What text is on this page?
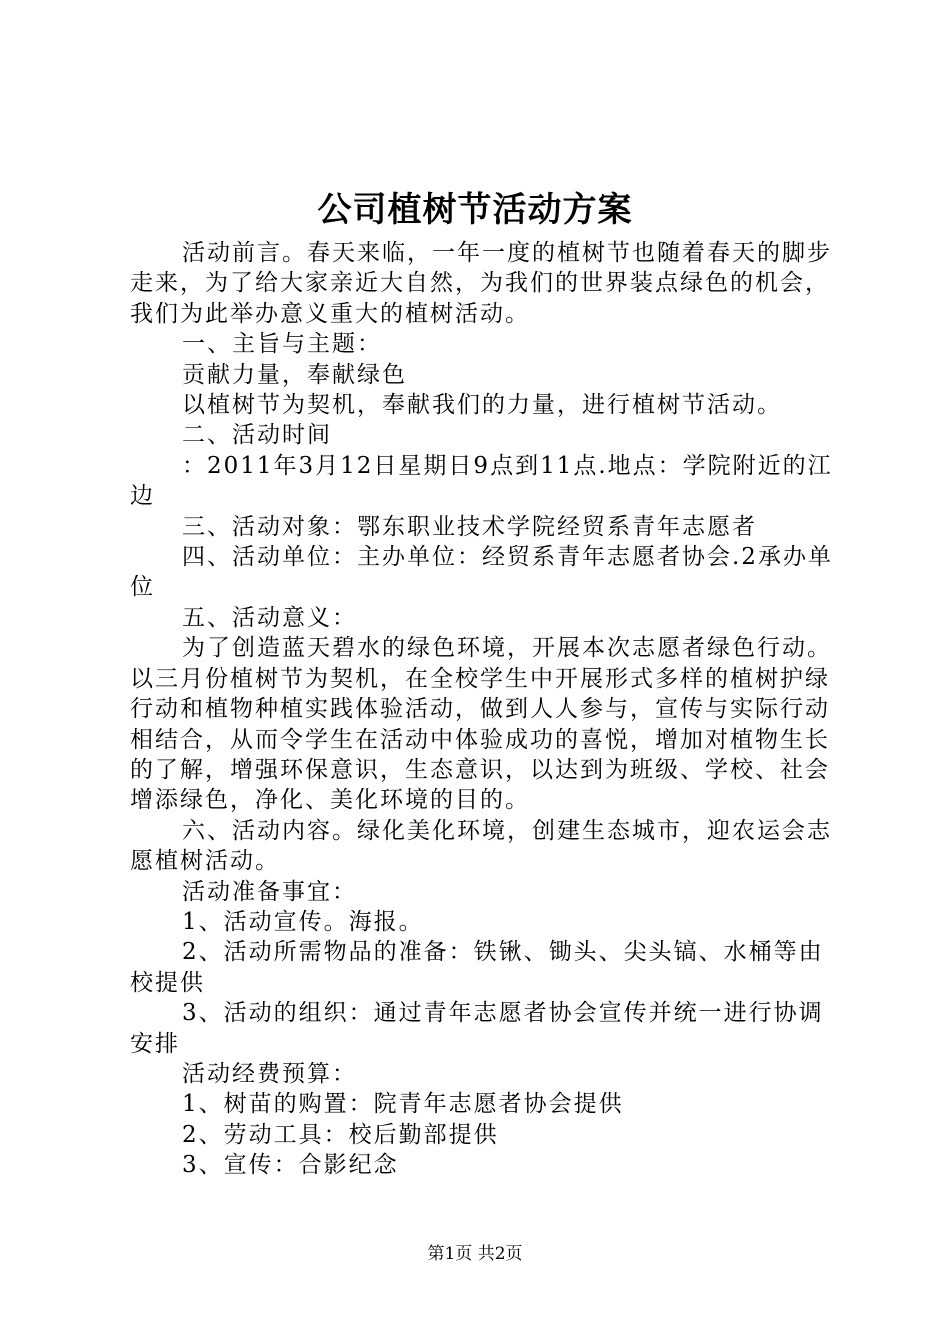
公司植树节活动方案

活动前言。春天来临，一年一度的植树节也随着春天的脚步走来，为了给大家亲近大自然，为我们的世界装点绿色的机会，我们为此举办意义重大的植树活动。

一、主旨与主题：

贡献力量，奉献绿色

以植树节为契机，奉献我们的力量，进行植树节活动。

二、活动时间

：2011年3月12日星期日9点到11点.地点：学院附近的江边

三、活动对象：鄂东职业技术学院经贸系青年志愿者

四、活动单位：主办单位：经贸系青年志愿者协会.2承办单位

五、活动意义：

为了创造蓝天碧水的绿色环境，开展本次志愿者绿色行动。以三月份植树节为契机，在全校学生中开展形式多样的植树护绿行动和植物种植实践体验活动，做到人人参与，宣传与实际行动相结合，从而令学生在活动中体验成功的喜悦，增加对植物生长的了解，增强环保意识，生态意识，以达到为班级、学校、社会增添绿色，净化、美化环境的目的。

六、活动内容。绿化美化环境，创建生态城市，迎农运会志愿植树活动。

活动准备事宜：

1、活动宣传。海报。

2、活动所需物品的准备：铁锹、锄头、尖头镐、水桶等由校提供

3、活动的组织：通过青年志愿者协会宣传并统一进行协调安排

活动经费预算：

1、树苗的购置：院青年志愿者协会提供

2、劳动工具：校后勤部提供

3、宣传：合影纪念

第1页 共2页
